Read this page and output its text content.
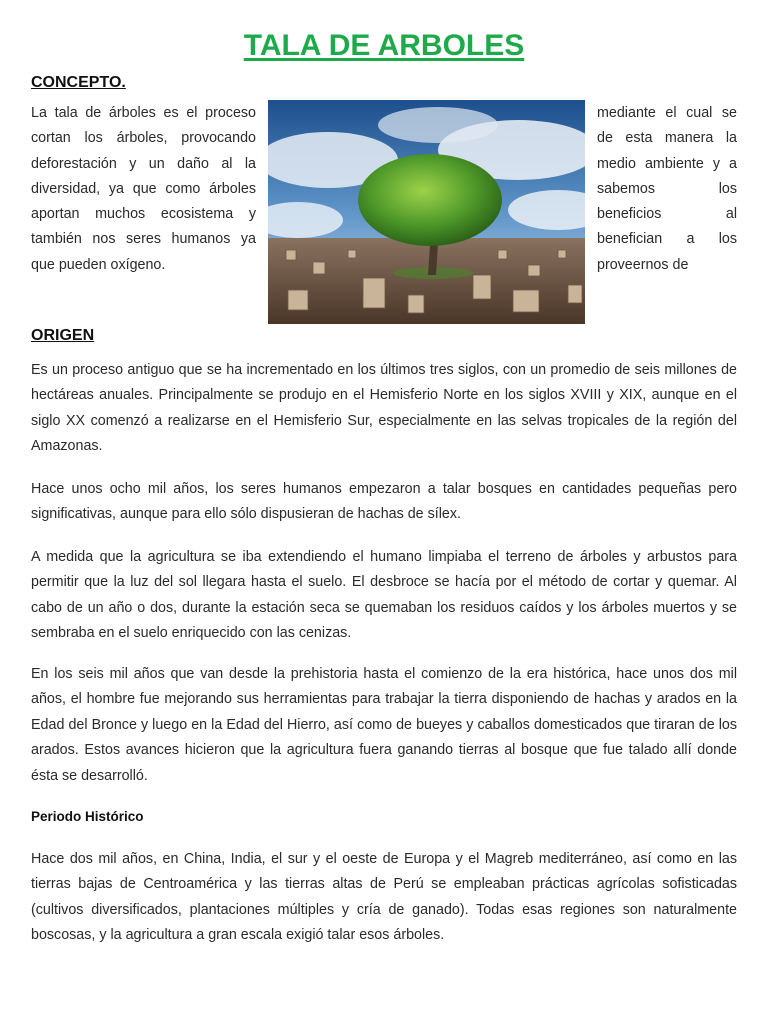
TALA DE ARBOLES
CONCEPTO.

La tala de árboles es el proceso cortan los árboles, provocando deforestación y un daño al la diversidad, ya que como árboles aportan muchos ecosistema y también nos seres humanos ya que pueden oxígeno.

mediante el cual se de esta manera la medio ambiente y a sabemos los beneficios al benefician a los proveernos de

ORIGEN

Es un proceso antiguo que se ha incrementado en los últimos tres siglos, con un promedio de seis millones de hectáreas anuales. Principalmente se produjo en el Hemisferio Norte en los siglos XVIII y XIX, aunque en el siglo XX comenzó a realizarse en el Hemisferio Sur, especialmente en las selvas tropicales de la región del Amazonas.

Hace unos ocho mil años, los seres humanos empezaron a talar bosques en cantidades pequeñas pero significativas, aunque para ello sólo dispusieran de hachas de sílex.

A medida que la agricultura se iba extendiendo el humano limpiaba el terreno de árboles y arbustos para permitir que la luz del sol llegara hasta el suelo. El desbroce se hacía por el método de cortar y quemar. Al cabo de un año o dos, durante la estación seca se quemaban los residuos caídos y los árboles muertos y se sembraba en el suelo enriquecido con las cenizas.

En los seis mil años que van desde la prehistoria hasta el comienzo de la era histórica, hace unos dos mil años, el hombre fue mejorando sus herramientas para trabajar la tierra disponiendo de hachas y arados en la Edad del Bronce y luego en la Edad del Hierro, así como de bueyes y caballos domesticados que tiraran de los arados. Estos avances hicieron que la agricultura fuera ganando tierras al bosque que fue talado allí donde ésta se desarrolló.

Periodo Histórico

Hace dos mil años, en China, India, el sur y el oeste de Europa y el Magreb mediterráneo, así como en las tierras bajas de Centroamérica y las tierras altas de Perú se empleaban prácticas agrícolas sofisticadas (cultivos diversificados, plantaciones múltiples y cría de ganado). Todas esas regiones son naturalmente boscosas, y la agricultura a gran escala exigió talar esos árboles.
